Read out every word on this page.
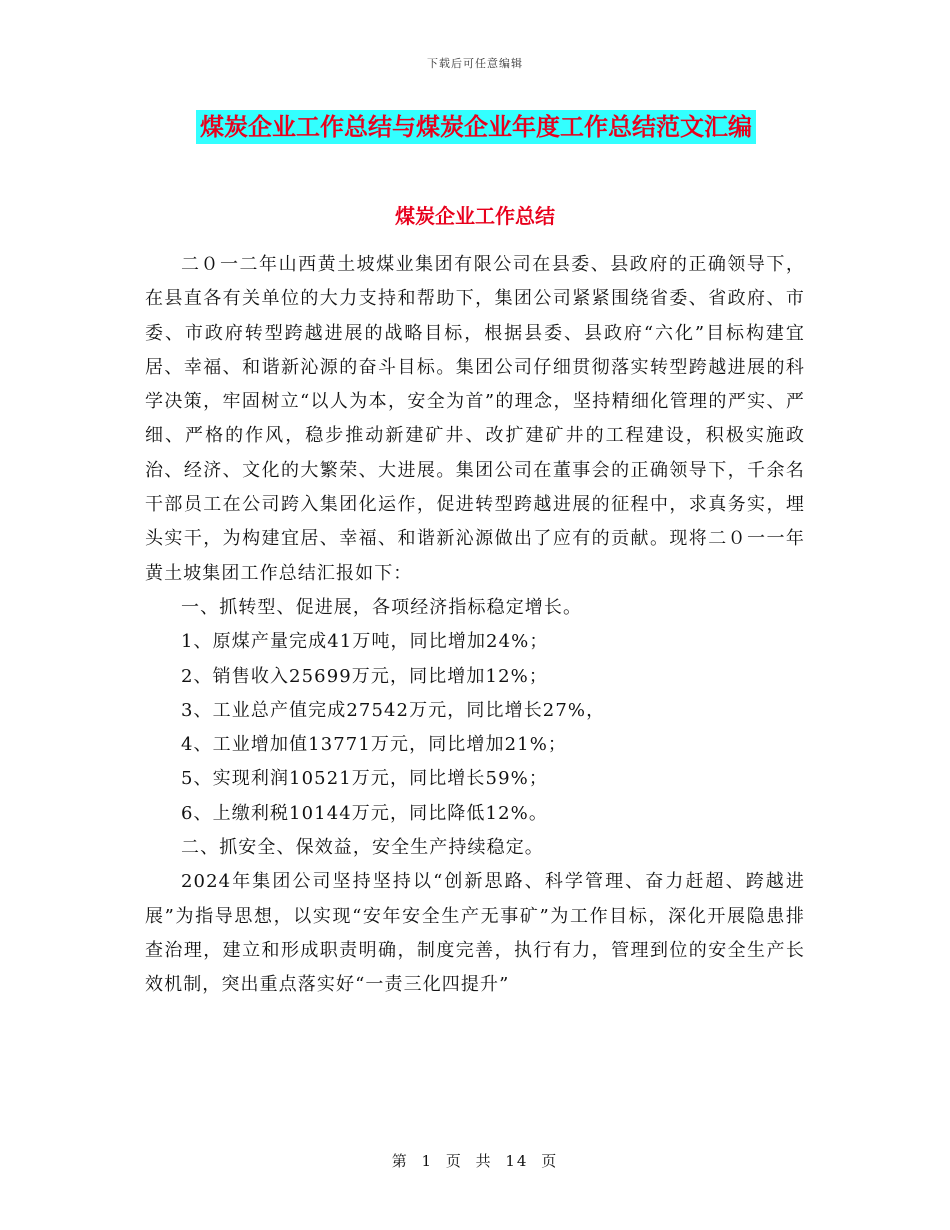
下载后可任意编辑
煤炭企业工作总结与煤炭企业年度工作总结范文汇编
煤炭企业工作总结

二０一二年山西黄土坡煤业集团有限公司在县委、县政府的正确领导下，在县直各有关单位的大力支持和帮助下，集团公司紧紧围绕省委、省政府、市委、市政府转型跨越进展的战略目标，根据县委、县政府“六化”目标构建宜居、幸福、和谐新沁源的奋斗目标。集团公司仔细贯彻落实转型跨越进展的科学决策，牢固树立“以人为本，安全为首”的理念，坚持精细化管理的严实、严细、严格的作风，稳步推动新建矿井、改扩建矿井的工程建设，积极实施政治、经济、文化的大繁荣、大进展。集团公司在董事会的正确领导下，千余名干部员工在公司跨入集团化运作，促进转型跨越进展的征程中，求真务实，埋头实干，为构建宜居、幸福、和谐新沁源做出了应有的贡献。现将二０一一年黄土坡集团工作总结汇报如下：

一、抓转型、促进展，各项经济指标稳定增长。

1、原煤产量完成41万吨，同比增加24%；

2、销售收入25699万元，同比增加12%；

3、工业总产值完成27542万元，同比增长27%，

4、工业增加值13771万元，同比增加21%；

5、实现利润10521万元，同比增长59%；

6、上缴利税10144万元，同比降低12%。

二、抓安全、保效益，安全生产持续稳定。

2024年集团公司坚持坚持以“创新思路、科学管理、奋力赶超、跨越进展”为指导思想，以实现“安年安全生产无事矿”为工作目标，深化开展隐患排查治理，建立和形成职责明确，制度完善，执行有力，管理到位的安全生产长效机制，突出重点落实好“一责三化四提升”

第 1 页 共 14 页
